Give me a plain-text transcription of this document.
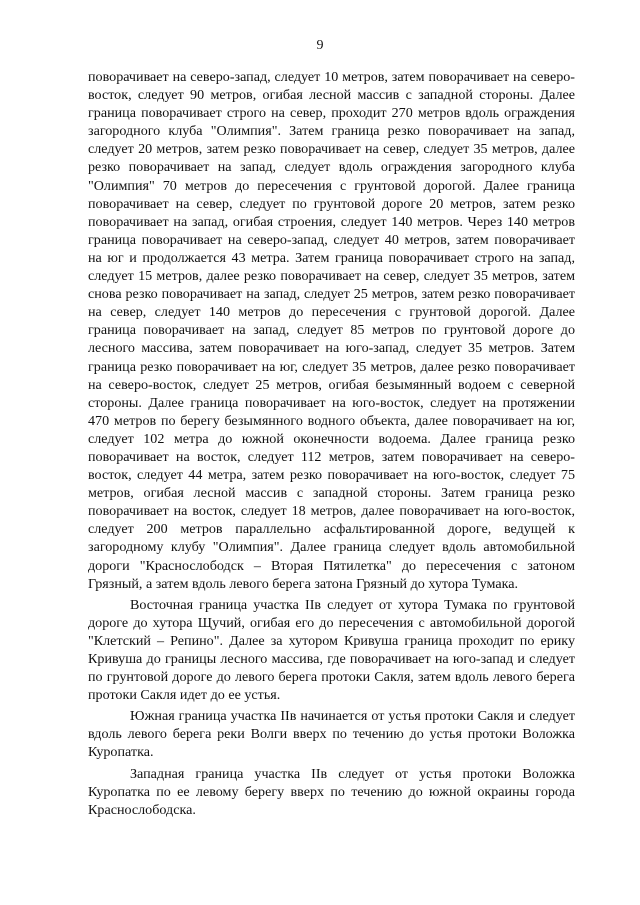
9

поворачивает на северо-запад, следует 10 метров, затем поворачивает на северо-восток, следует 90 метров, огибая лесной массив с западной стороны. Далее граница поворачивает строго на север, проходит 270 метров вдоль ограждения загородного клуба "Олимпия". Затем граница резко поворачивает на запад, следует 20 метров, затем резко поворачивает на север, следует 35 метров, далее резко поворачивает на запад, следует вдоль ограждения загородного клуба "Олимпия" 70 метров до пересечения с грунтовой дорогой. Далее граница поворачивает на север, следует по грунтовой дороге 20 метров, затем резко поворачивает на запад, огибая строения, следует 140 метров. Через 140 метров граница поворачивает на северо-запад, следует 40 метров, затем поворачивает на юг и продолжается 43 метра. Затем граница поворачивает строго на запад, следует 15 метров, далее резко поворачивает на север, следует 35 метров, затем снова резко поворачивает на запад, следует 25 метров, затем резко поворачивает на север, следует 140 метров до пересечения с грунтовой дорогой. Далее граница поворачивает на запад, следует 85 метров по грунтовой дороге до лесного массива, затем поворачивает на юго-запад, следует 35 метров. Затем граница резко поворачивает на юг, следует 35 метров, далее резко поворачивает на северо-восток, следует 25 метров, огибая безымянный водоем с северной стороны. Далее граница поворачивает на юго-восток, следует на протяжении 470 метров по берегу безымянного водного объекта, далее поворачивает на юг, следует 102 метра до южной оконечности водоема. Далее граница резко поворачивает на восток, следует 112 метров, затем поворачивает на северо-восток, следует 44 метра, затем резко поворачивает на юго-восток, следует 75 метров, огибая лесной массив с западной стороны. Затем граница резко поворачивает на восток, следует 18 метров, далее поворачивает на юго-восток, следует 200 метров параллельно асфальтированной дороге, ведущей к загородному клубу "Олимпия". Далее граница следует вдоль автомобильной дороги "Краснослободск – Вторая Пятилетка" до пересечения с затоном Грязный, а затем вдоль левого берега затона Грязный до хутора Тумака.

Восточная граница участка IIв следует от хутора Тумака по грунтовой дороге до хутора Щучий, огибая его до пересечения с автомобильной дорогой "Клетский – Репино". Далее за хутором Кривуша граница проходит по ерику Кривуша до границы лесного массива, где поворачивает на юго-запад и следует по грунтовой дороге до левого берега протоки Сакля, затем вдоль левого берега протоки Сакля идет до ее устья.

Южная граница участка IIв начинается от устья протоки Сакля и следует вдоль левого берега реки Волги вверх по течению до устья протоки Воложка Куропатка.

Западная граница участка IIв следует от устья протоки Воложка Куропатка по ее левому берегу вверх по течению до южной окраины города Краснослободска.
